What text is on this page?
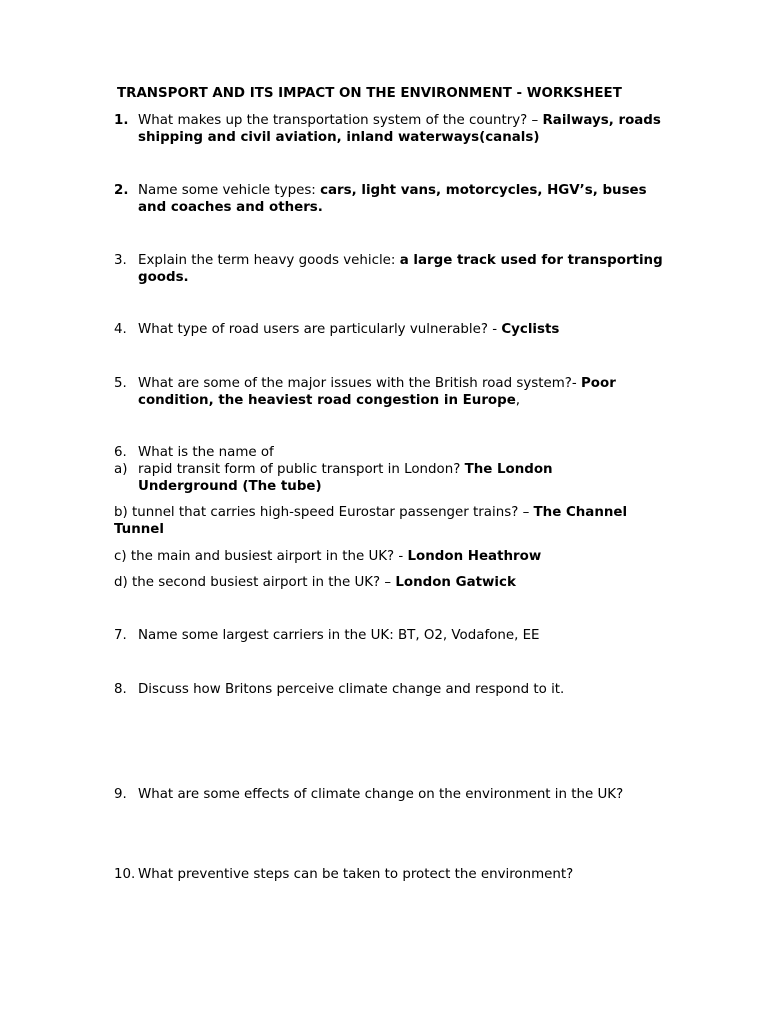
TRANSPORT AND ITS IMPACT ON THE ENVIRONMENT - WORKSHEET
1. What makes up the transportation system of the country? – Railways, roads shipping and civil aviation, inland waterways(canals)
2. Name some vehicle types: cars, light vans, motorcycles, HGV’s, buses and coaches and others.
3. Explain the term heavy goods vehicle: a large track used for transporting goods.
4. What type of road users are particularly vulnerable? - Cyclists
5. What are some of the major issues with the British road system?- Poor condition, the heaviest road congestion in Europe,
6. What is the name of
a) rapid transit form of public transport in London? The London Underground (The tube)
b) tunnel that carries high-speed Eurostar passenger trains? – The Channel Tunnel
c) the main and busiest airport in the UK? - London Heathrow
d) the second busiest airport in the UK? – London Gatwick
7. Name some largest carriers in the UK: BT, O2, Vodafone, EE
8. Discuss how Britons perceive climate change and respond to it.
9. What are some effects of climate change on the environment in the UK?
10. What preventive steps can be taken to protect the environment?
